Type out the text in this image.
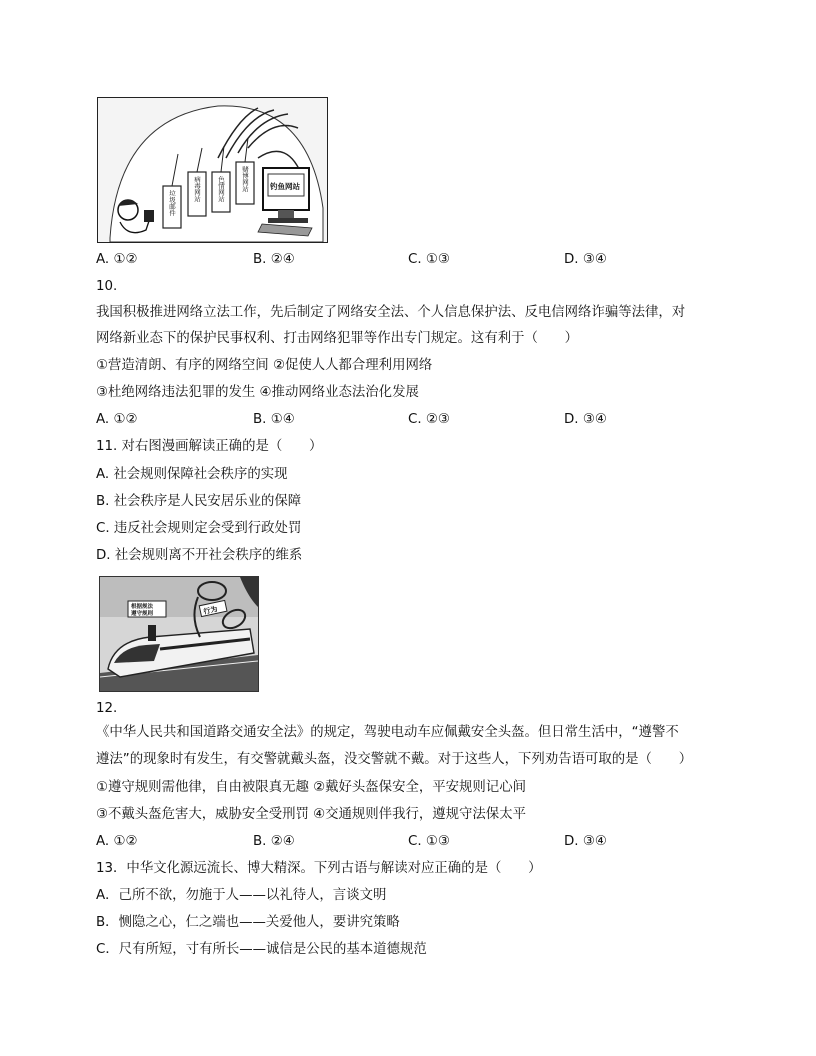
垃圾邮件
病毒网站 色情网站 赌博网站	钓鱼网站
A. ①②	B. ②④	C. ①③	D. ③④
10.
我国积极推进网络立法工作，先后制定了网络安全法、个人信息保护法、反电信网络诈骗等法律，对
网络新业态下的保护民事权利、打击网络犯罪等作出专门规定。这有利于（　　）
①营造清朗、有序的网络空间 ②促使人人都合理利用网络
③杜绝网络违法犯罪的发生 ④推动网络业态法治化发展
A. ①②	B. ①④	C. ②③	D. ③④
11. 对右图漫画解读正确的是（　　）
A. 社会规则保障社会秩序的实现
B. 社会秩序是人民安居乐业的保障
C. 违反社会规则定会受到行政处罚
D. 社会规则离不开社会秩序的维系
根据规法
遵守规则	行为
12.
《中华人民共和国道路交通安全法》的规定，驾驶电动车应佩戴安全头盔。但日常生活中，“遵警不
遵法”的现象时有发生，有交警就戴头盔，没交警就不戴。对于这些人，下列劝告语可取的是（　　）
①遵守规则需他律，自由被限真无趣 ②戴好头盔保安全，平安规则记心间
③不戴头盔危害大，威胁安全受刑罚 ④交通规则伴我行，遵规守法保太平
A. ①②	B. ②④	C. ①③	D. ③④
13．中华文化源远流长、博大精深。下列古语与解读对应正确的是（　　）
A．己所不欲，勿施于人——以礼待人，言谈文明
B．恻隐之心，仁之端也——关爱他人，要讲究策略
C．尺有所短，寸有所长——诚信是公民的基本道德规范
